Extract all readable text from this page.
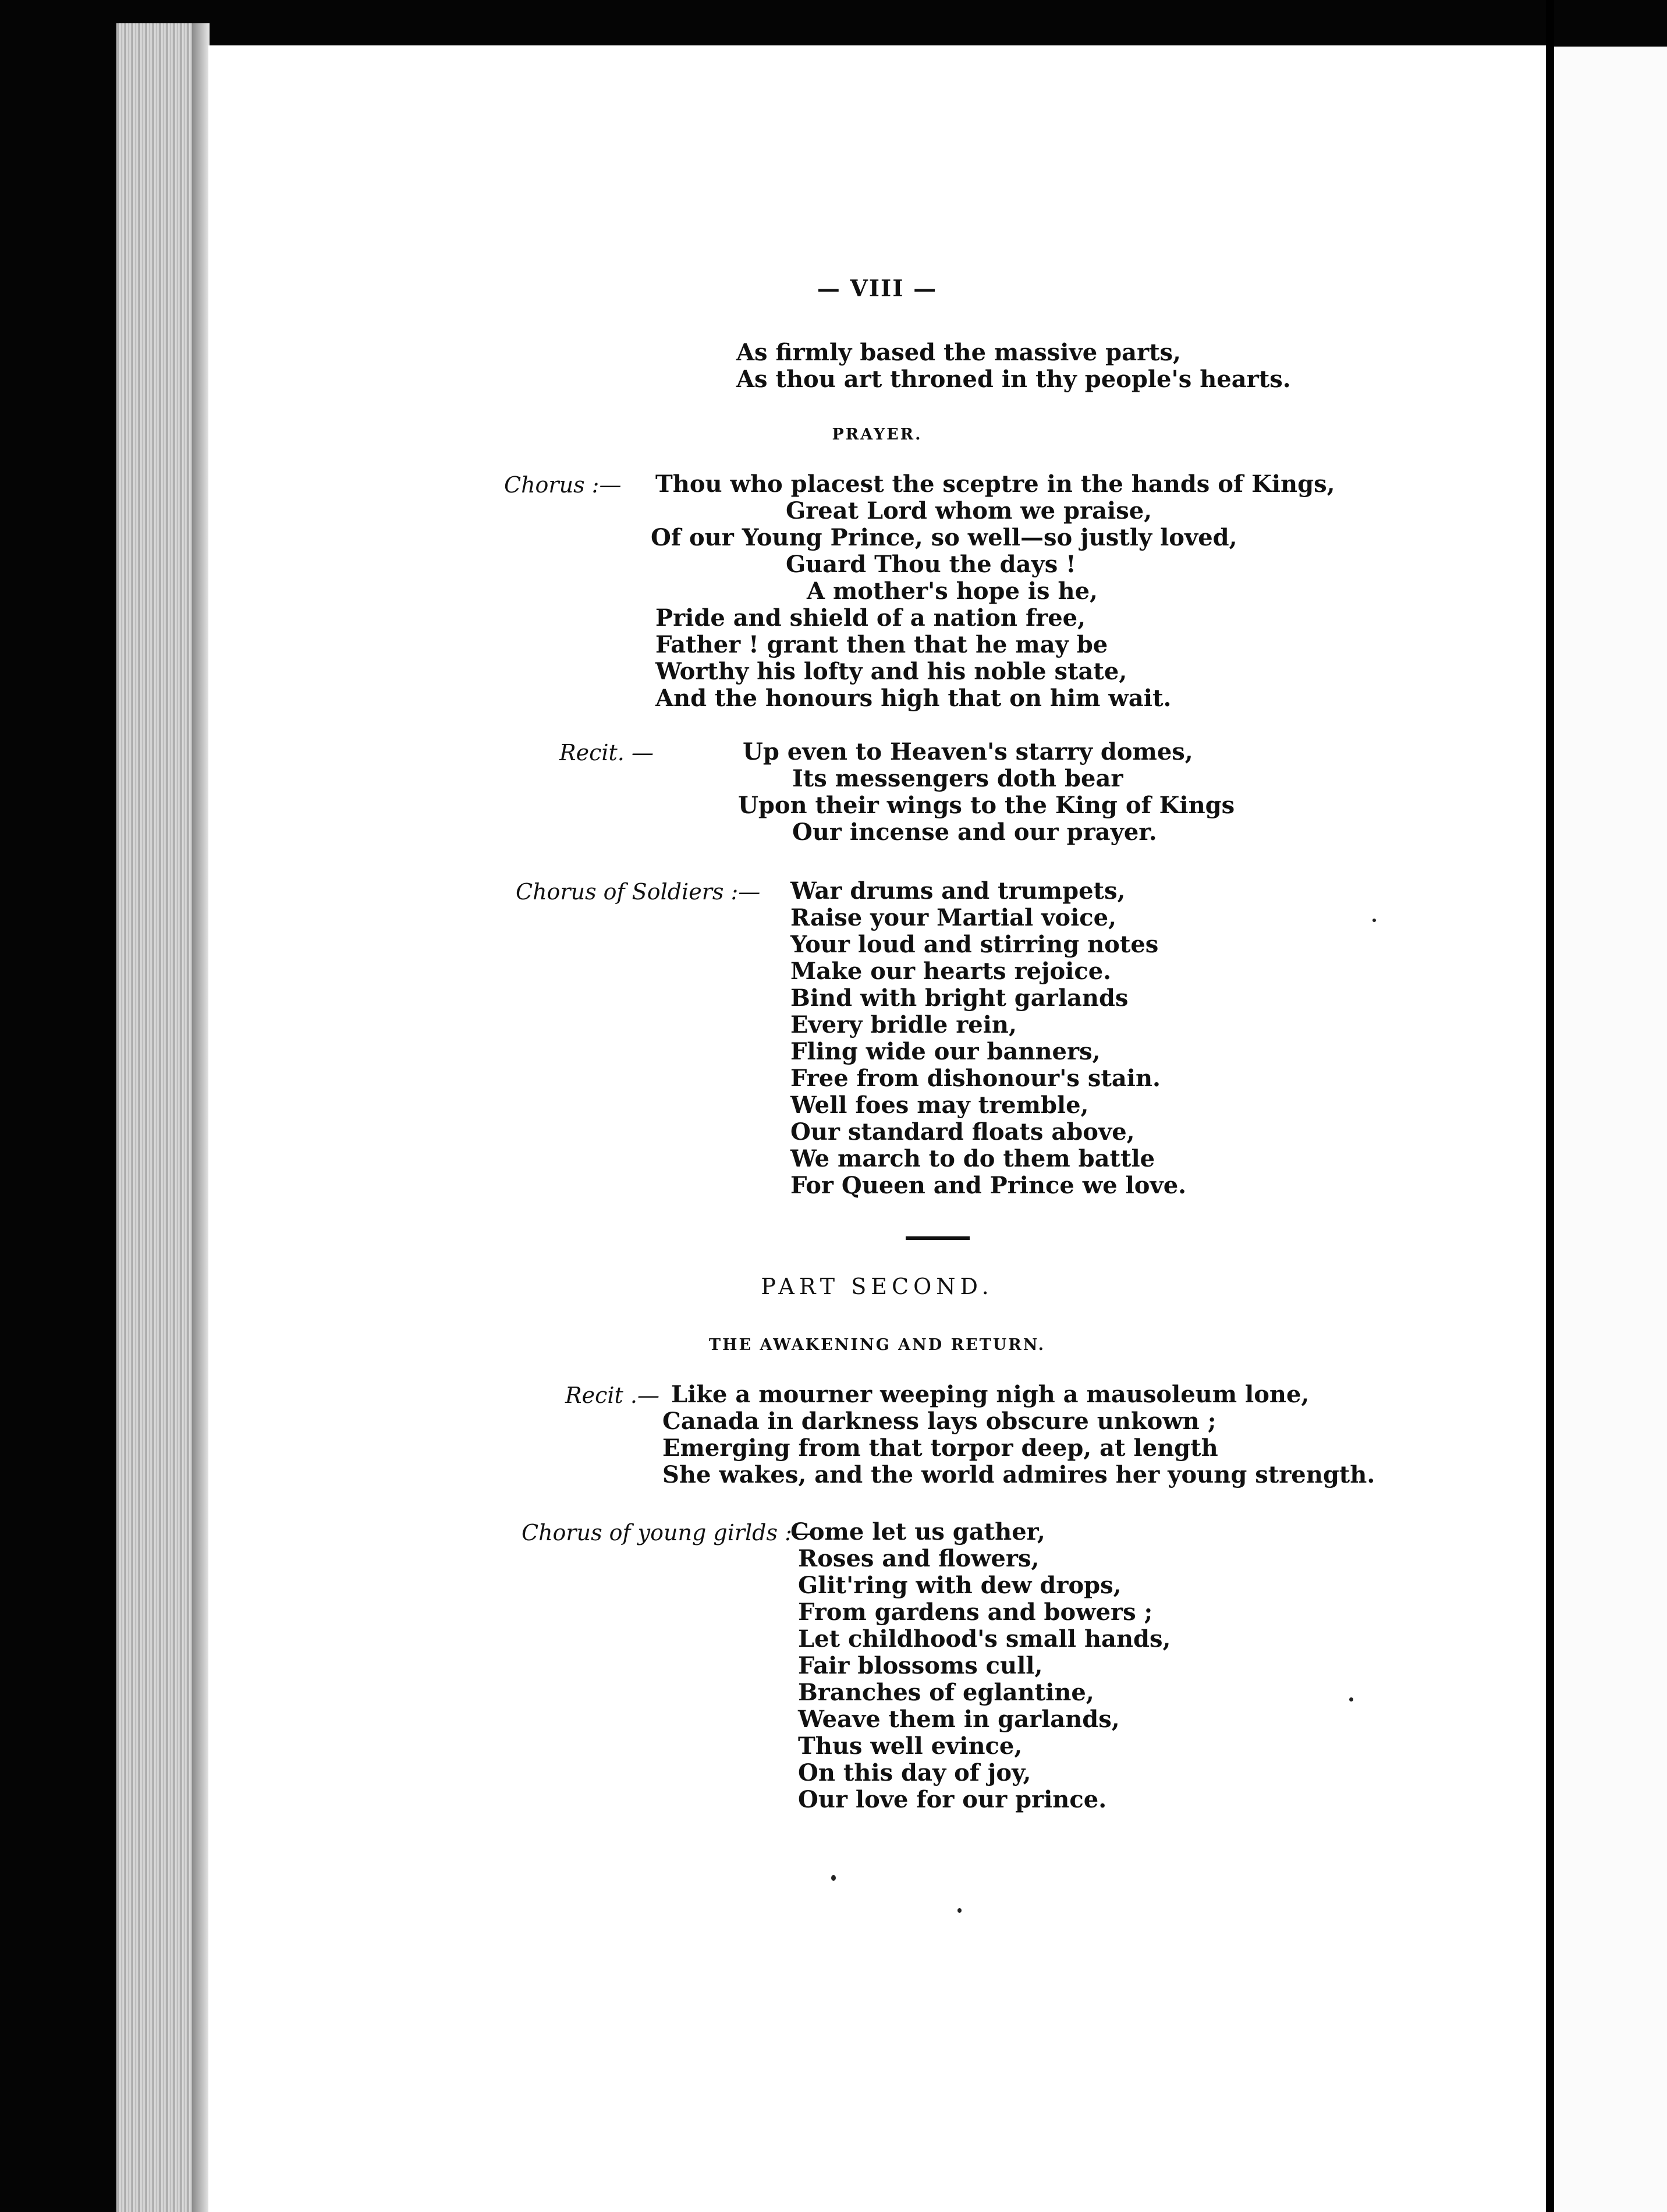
— VIII —

As firmly based the massive parts,

As thou art throned in thy people's hearts.

PRAYER.

Chorus :— Thou who placest the sceptre in the hands of Kings,

Great Lord whom we praise,

Of our Young Prince, so well—so justly loved,

Guard Thou the days !

A mother's hope is he,

Pride and shield of a nation free,

Father ! grant then that he may be

Worthy his lofty and his noble state,

And the honours high that on him wait.

Recit. —	Up even to Heaven's starry domes,

Its messengers doth bear

Upon their wings to the King of Kings

Our incense and our prayer.

Chorus of Soldiers :— War drums and trumpets,

Raise your Martial voice,

Your loud and stirring notes

Make our hearts rejoice.

Bind with bright garlands

Every bridle rein,

Fling wide our banners,

Free from dishonour's stain.

Well foes may tremble,

Our standard floats above,

We march to do them battle

For Queen and Prince we love.

PART SECOND.

THE AWAKENING AND RETURN.

Recit .— Like a mourner weeping nigh a mausoleum lone,

Canada in darkness lays obscure unkown ;

Emerging from that torpor deep, at length

She wakes, and the world admires her young strength.

Chorus of young girlds :—

Come let us gather,

Roses and flowers,

Glit'ring with dew drops,

From gardens and bowers ;

Let childhood's small hands,

Fair blossoms cull,

Branches of eglantine,

Weave them in garlands,

Thus well evince,

On this day of joy,

Our love for our prince.
